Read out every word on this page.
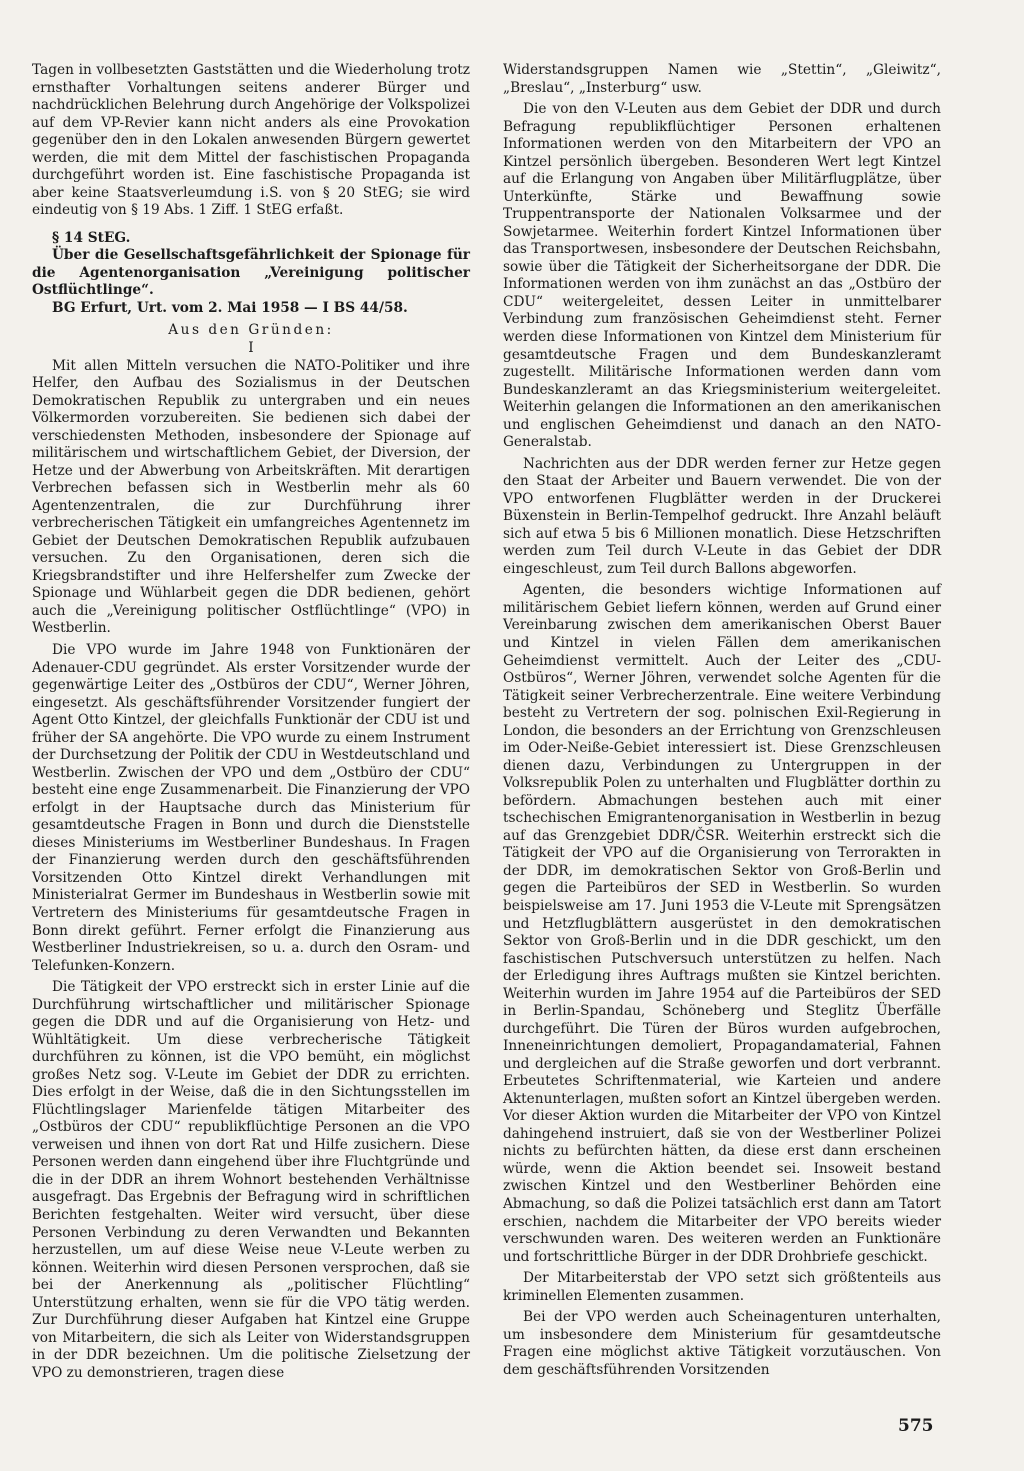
Tagen in vollbesetzten Gaststätten und die Wiederholung trotz ernsthafter Vorhaltungen seitens anderer Bürger und nachdrücklichen Belehrung durch Angehörige der Volkspolizei auf dem VP-Revier kann nicht anders als eine Provokation gegenüber den in den Lokalen anwesenden Bürgern gewertet werden, die mit dem Mittel der faschistischen Propaganda durchgeführt worden ist. Eine faschistische Propaganda ist aber keine Staatsverleumdung i.S. von § 20 StEG; sie wird eindeutig von § 19 Abs. 1 Ziff. 1 StEG erfaßt.

§ 14 StEG.

Über die Gesellschaftsgefährlichkeit der Spionage für die Agentenorganisation „Vereinigung politischer Ostflüchtlinge“.

BG Erfurt, Urt. vom 2. Mai 1958 — I BS 44/58.

Aus den Gründen:

I

Mit allen Mitteln versuchen die NATO-Politiker und ihre Helfer, den Aufbau des Sozialismus in der Deutschen Demokratischen Republik zu untergraben und ein neues Völkermorden vorzubereiten. Sie bedienen sich dabei der verschiedensten Methoden, insbesondere der Spionage auf militärischem und wirtschaftlichem Gebiet, der Diversion, der Hetze und der Abwerbung von Arbeitskräften. Mit derartigen Verbrechen befassen sich in Westberlin mehr als 60 Agentenzentralen, die zur Durchführung ihrer verbrecherischen Tätigkeit ein umfangreiches Agentennetz im Gebiet der Deutschen Demokratischen Republik aufzubauen versuchen. Zu den Organisationen, deren sich die Kriegsbrandstifter und ihre Helfershelfer zum Zwecke der Spionage und Wühlarbeit gegen die DDR bedienen, gehört auch die „Vereinigung politischer Ostflüchtlinge“ (VPO) in Westberlin.

Die VPO wurde im Jahre 1948 von Funktionären der Adenauer-CDU gegründet. Als erster Vorsitzender wurde der gegenwärtige Leiter des „Ostbüros der CDU“, Werner Jöhren, eingesetzt. Als geschäftsführender Vorsitzender fungiert der Agent Otto Kintzel, der gleichfalls Funktionär der CDU ist und früher der SA angehörte. Die VPO wurde zu einem Instrument der Durchsetzung der Politik der CDU in Westdeutschland und Westberlin. Zwischen der VPO und dem „Ostbüro der CDU“ besteht eine enge Zusammenarbeit. Die Finanzierung der VPO erfolgt in der Hauptsache durch das Ministerium für gesamtdeutsche Fragen in Bonn und durch die Dienststelle dieses Ministeriums im Westberliner Bundeshaus. In Fragen der Finanzierung werden durch den geschäftsführenden Vorsitzenden Otto Kintzel direkt Verhandlungen mit Ministerialrat Germer im Bundeshaus in Westberlin sowie mit Vertretern des Ministeriums für gesamtdeutsche Fragen in Bonn direkt geführt. Ferner erfolgt die Finanzierung aus Westberliner Industriekreisen, so u. a. durch den Osram- und Telefunken-Konzern.

Die Tätigkeit der VPO erstreckt sich in erster Linie auf die Durchführung wirtschaftlicher und militärischer Spionage gegen die DDR und auf die Organisierung von Hetz- und Wühltätigkeit. Um diese verbrecherische Tätigkeit durchführen zu können, ist die VPO bemüht, ein möglichst großes Netz sog. V-Leute im Gebiet der DDR zu errichten. Dies erfolgt in der Weise, daß die in den Sichtungsstellen im Flüchtlingslager Marienfelde tätigen Mitarbeiter des „Ostbüros der CDU“ republikflüchtige Personen an die VPO verweisen und ihnen von dort Rat und Hilfe zusichern. Diese Personen werden dann eingehend über ihre Fluchtgründe und die in der DDR an ihrem Wohnort bestehenden Verhältnisse ausgefragt. Das Ergebnis der Befragung wird in schriftlichen Berichten festgehalten. Weiter wird versucht, über diese Personen Verbindung zu deren Verwandten und Bekannten herzustellen, um auf diese Weise neue V-Leute werben zu können. Weiterhin wird diesen Personen versprochen, daß sie bei der Anerkennung als „politischer Flüchtling“ Unterstützung erhalten, wenn sie für die VPO tätig werden. Zur Durchführung dieser Aufgaben hat Kintzel eine Gruppe von Mitarbeitern, die sich als Leiter von Widerstandsgruppen in der DDR bezeichnen. Um die politische Zielsetzung der VPO zu demonstrieren, tragen diese

Widerstandsgruppen Namen wie „Stettin“, „Gleiwitz“, „Breslau“, „Insterburg“ usw.

Die von den V-Leuten aus dem Gebiet der DDR und durch Befragung republikflüchtiger Personen erhaltenen Informationen werden von den Mitarbeitern der VPO an Kintzel persönlich übergeben. Besonderen Wert legt Kintzel auf die Erlangung von Angaben über Militärflugplätze, über Unterkünfte, Stärke und Bewaffnung sowie Truppentransporte der Nationalen Volksarmee und der Sowjetarmee. Weiterhin fordert Kintzel Informationen über das Transportwesen, insbesondere der Deutschen Reichsbahn, sowie über die Tätigkeit der Sicherheitsorgane der DDR. Die Informationen werden von ihm zunächst an das „Ostbüro der CDU“ weitergeleitet, dessen Leiter in unmittelbarer Verbindung zum französischen Geheimdienst steht. Ferner werden diese Informationen von Kintzel dem Ministerium für gesamtdeutsche Fragen und dem Bundeskanzleramt zugestellt. Militärische Informationen werden dann vom Bundeskanzleramt an das Kriegsministerium weitergeleitet. Weiterhin gelangen die Informationen an den amerikanischen und englischen Geheimdienst und danach an den NATO-Generalstab.

Nachrichten aus der DDR werden ferner zur Hetze gegen den Staat der Arbeiter und Bauern verwendet. Die von der VPO entworfenen Flugblätter werden in der Druckerei Büxenstein in Berlin-Tempelhof gedruckt. Ihre Anzahl beläuft sich auf etwa 5 bis 6 Millionen monatlich. Diese Hetzschriften werden zum Teil durch V-Leute in das Gebiet der DDR eingeschleust, zum Teil durch Ballons abgeworfen.

Agenten, die besonders wichtige Informationen auf militärischem Gebiet liefern können, werden auf Grund einer Vereinbarung zwischen dem amerikanischen Oberst Bauer und Kintzel in vielen Fällen dem amerikanischen Geheimdienst vermittelt. Auch der Leiter des „CDU-Ostbüros“, Werner Jöhren, verwendet solche Agenten für die Tätigkeit seiner Verbrecherzentrale. Eine weitere Verbindung besteht zu Vertretern der sog. polnischen Exil-Regierung in London, die besonders an der Errichtung von Grenzschleusen im Oder-Neiße-Gebiet interessiert ist. Diese Grenzschleusen dienen dazu, Verbindungen zu Untergruppen in der Volksrepublik Polen zu unterhalten und Flugblätter dorthin zu befördern. Abmachungen bestehen auch mit einer tschechischen Emigrantenorganisation in Westberlin in bezug auf das Grenzgebiet DDR/ČSR. Weiterhin erstreckt sich die Tätigkeit der VPO auf die Organisierung von Terrorakten in der DDR, im demokratischen Sektor von Groß-Berlin und gegen die Parteibüros der SED in Westberlin. So wurden beispielsweise am 17. Juni 1953 die V-Leute mit Sprengsätzen und Hetzflugblättern ausgerüstet in den demokratischen Sektor von Groß-Berlin und in die DDR geschickt, um den faschistischen Putschversuch unterstützen zu helfen. Nach der Erledigung ihres Auftrags mußten sie Kintzel berichten. Weiterhin wurden im Jahre 1954 auf die Parteibüros der SED in Berlin-Spandau, Schöneberg und Steglitz Überfälle durchgeführt. Die Türen der Büros wurden aufgebrochen, Inneneinrichtungen demoliert, Propagandamaterial, Fahnen und dergleichen auf die Straße geworfen und dort verbrannt. Erbeutetes Schriftenmaterial, wie Karteien und andere Aktenunterlagen, mußten sofort an Kintzel übergeben werden. Vor dieser Aktion wurden die Mitarbeiter der VPO von Kintzel dahingehend instruiert, daß sie von der Westberliner Polizei nichts zu befürchten hätten, da diese erst dann erscheinen würde, wenn die Aktion beendet sei. Insoweit bestand zwischen Kintzel und den Westberliner Behörden eine Abmachung, so daß die Polizei tatsächlich erst dann am Tatort erschien, nachdem die Mitarbeiter der VPO bereits wieder verschwunden waren. Des weiteren werden an Funktionäre und fortschrittliche Bürger in der DDR Drohbriefe geschickt.

Der Mitarbeiterstab der VPO setzt sich größtenteils aus kriminellen Elementen zusammen.

Bei der VPO werden auch Scheinagenturen unterhalten, um insbesondere dem Ministerium für gesamtdeutsche Fragen eine möglichst aktive Tätigkeit vorzutäuschen. Von dem geschäftsführenden Vorsitzenden

575
